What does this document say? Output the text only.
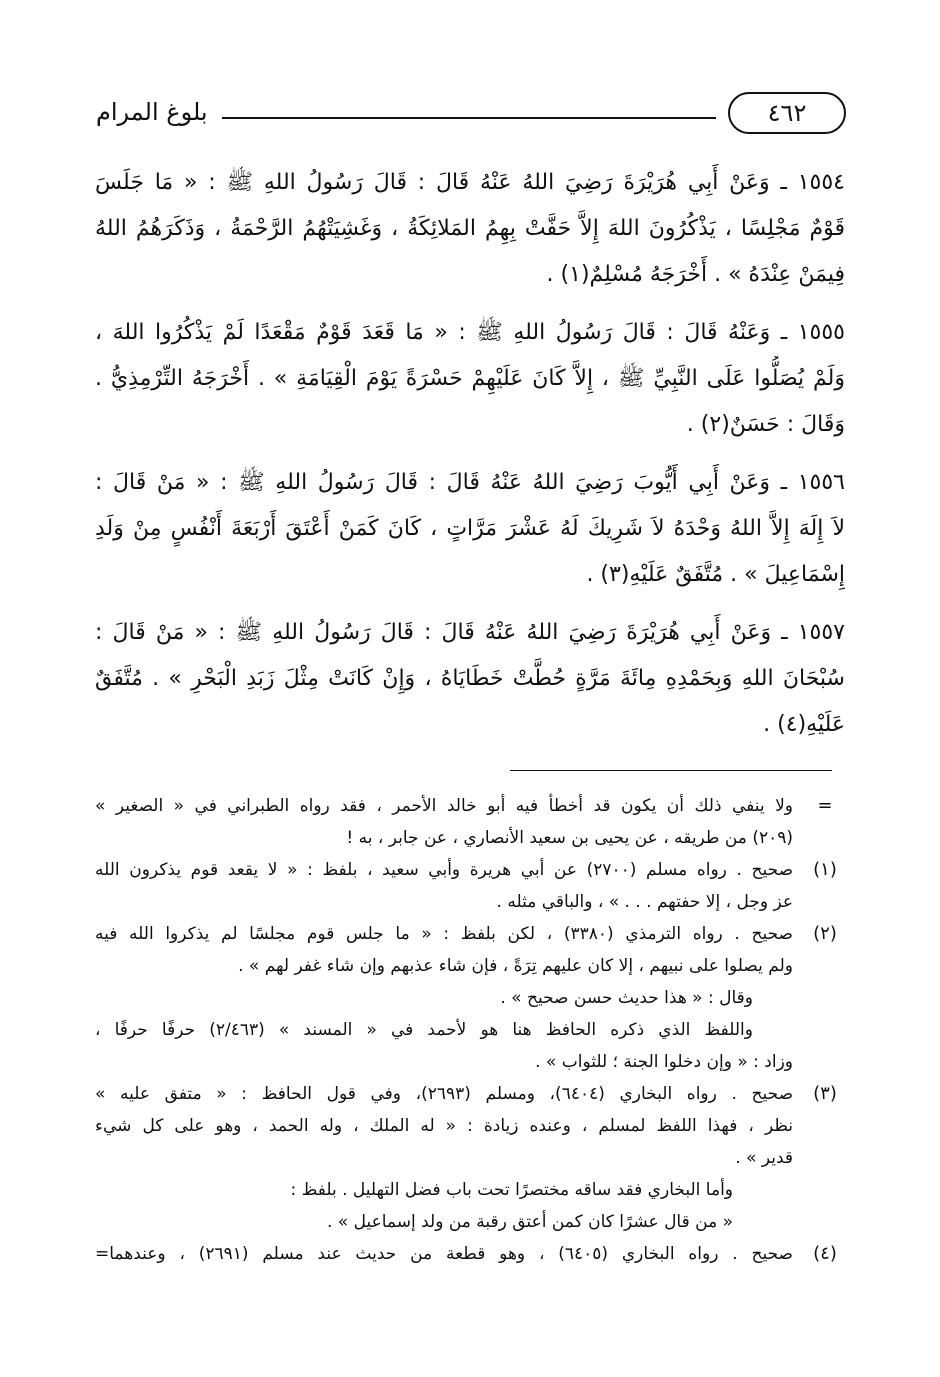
بلوغ المرام	٤٦٢
١٥٥٤ ـ وَعَنْ أَبِي هُرَيْرَةَ رَضِيَ اللهُ عَنْهُ قَالَ : قَالَ رَسُولُ اللهِ ﷺ : « مَا جَلَسَ
قَوْمٌ مَجْلِسًا ، يَذْكُرُونَ اللهَ إِلاَّ حَفَّتْ بِهِمُ المَلائِكَةُ ، وَغَشِيَتْهُمُ الرَّحْمَةُ ، وَذَكَرَهُمُ اللهُ
فِيمَنْ عِنْدَهُ » . أَخْرَجَهُ مُسْلِمٌ(١) .
١٥٥٥ ـ وَعَنْهُ قَالَ : قَالَ رَسُولُ اللهِ ﷺ : « مَا قَعَدَ قَوْمٌ مَقْعَدًا لَمْ يَذْكُرُوا اللهَ ،
وَلَمْ يُصَلُّوا عَلَى النَّبِيِّ ﷺ ، إِلاَّ كَانَ عَلَيْهِمْ حَسْرَةً يَوْمَ الْقِيَامَةِ » . أَخْرَجَهُ التِّرْمِذِيُّ .
وَقَالَ : حَسَنٌ(٢) .
١٥٥٦ ـ وَعَنْ أَبِي أَيُّوبَ رَضِيَ اللهُ عَنْهُ قَالَ : قَالَ رَسُولُ اللهِ ﷺ : « مَنْ قَالَ :
لاَ إِلَهَ إِلاَّ اللهُ وَحْدَهُ لاَ شَرِيكَ لَهُ عَشْرَ مَرَّاتٍ ، كَانَ كَمَنْ أَعْتَقَ أَرْبَعَةَ أَنْفُسٍ مِنْ وَلَدِ
إِسْمَاعِيلَ » . مُتَّفَقٌ عَلَيْهِ(٣) .
١٥٥٧ ـ وَعَنْ أَبِي هُرَيْرَةَ رَضِيَ اللهُ عَنْهُ قَالَ : قَالَ رَسُولُ اللهِ ﷺ : « مَنْ قَالَ :
سُبْحَانَ اللهِ وَبِحَمْدِهِ مِائَةَ مَرَّةٍ حُطَّتْ خَطَايَاهُ ، وَإِنْ كَانَتْ مِثْلَ زَبَدِ الْبَحْرِ » . مُتَّفَقٌ
عَلَيْهِ(٤) .
=
ولا ينفي ذلك أن يكون قد أخطأ فيه أبو خالد الأحمر ، فقد رواه الطبراني في « الصغير »
(٢٠٩) من طريقه ، عن يحيى بن سعيد الأنصاري ، عن جابر ، به !
(١)
صحيح . رواه مسلم (٢٧٠٠) عن أبي هريرة وأبي سعيد ، بلفظ : « لا يقعد قوم يذكرون الله
عز وجل ، إلا حفتهم . . . » ، والباقي مثله .
(٢)
صحيح . رواه الترمذي (٣٣٨٠) ، لكن بلفظ : « ما جلس قوم مجلسًا لم يذكروا الله فيه
ولم يصلوا على نبيهم ، إلا كان عليهم تِرَةً ، فإن شاء عذبهم وإن شاء غفر لهم » .
وقال : « هذا حديث حسن صحيح » .
واللفظ الذي ذكره الحافظ هنا هو لأحمد في « المسند » (٢/٤٦٣) حرفًا حرفًا ،
وزاد : « وإن دخلوا الجنة ؛ للثواب » .
(٣)
صحيح . رواه البخاري (٦٤٠٤)، ومسلم (٢٦٩٣)، وفي قول الحافظ : « متفق عليه »
نظر ، فهذا اللفظ لمسلم ، وعنده زيادة : « له الملك ، وله الحمد ، وهو على كل شيء
قدير » .
وأما البخاري فقد ساقه مختصرًا تحت باب فضل التهليل . بلفظ :
« من قال عشرًا كان كمن أعتق رقبة من ولد إسماعيل » .
(٤)
صحيح . رواه البخاري (٦٤٠٥) ، وهو قطعة من حديث عند مسلم (٢٦٩١) ، وعندهما=
